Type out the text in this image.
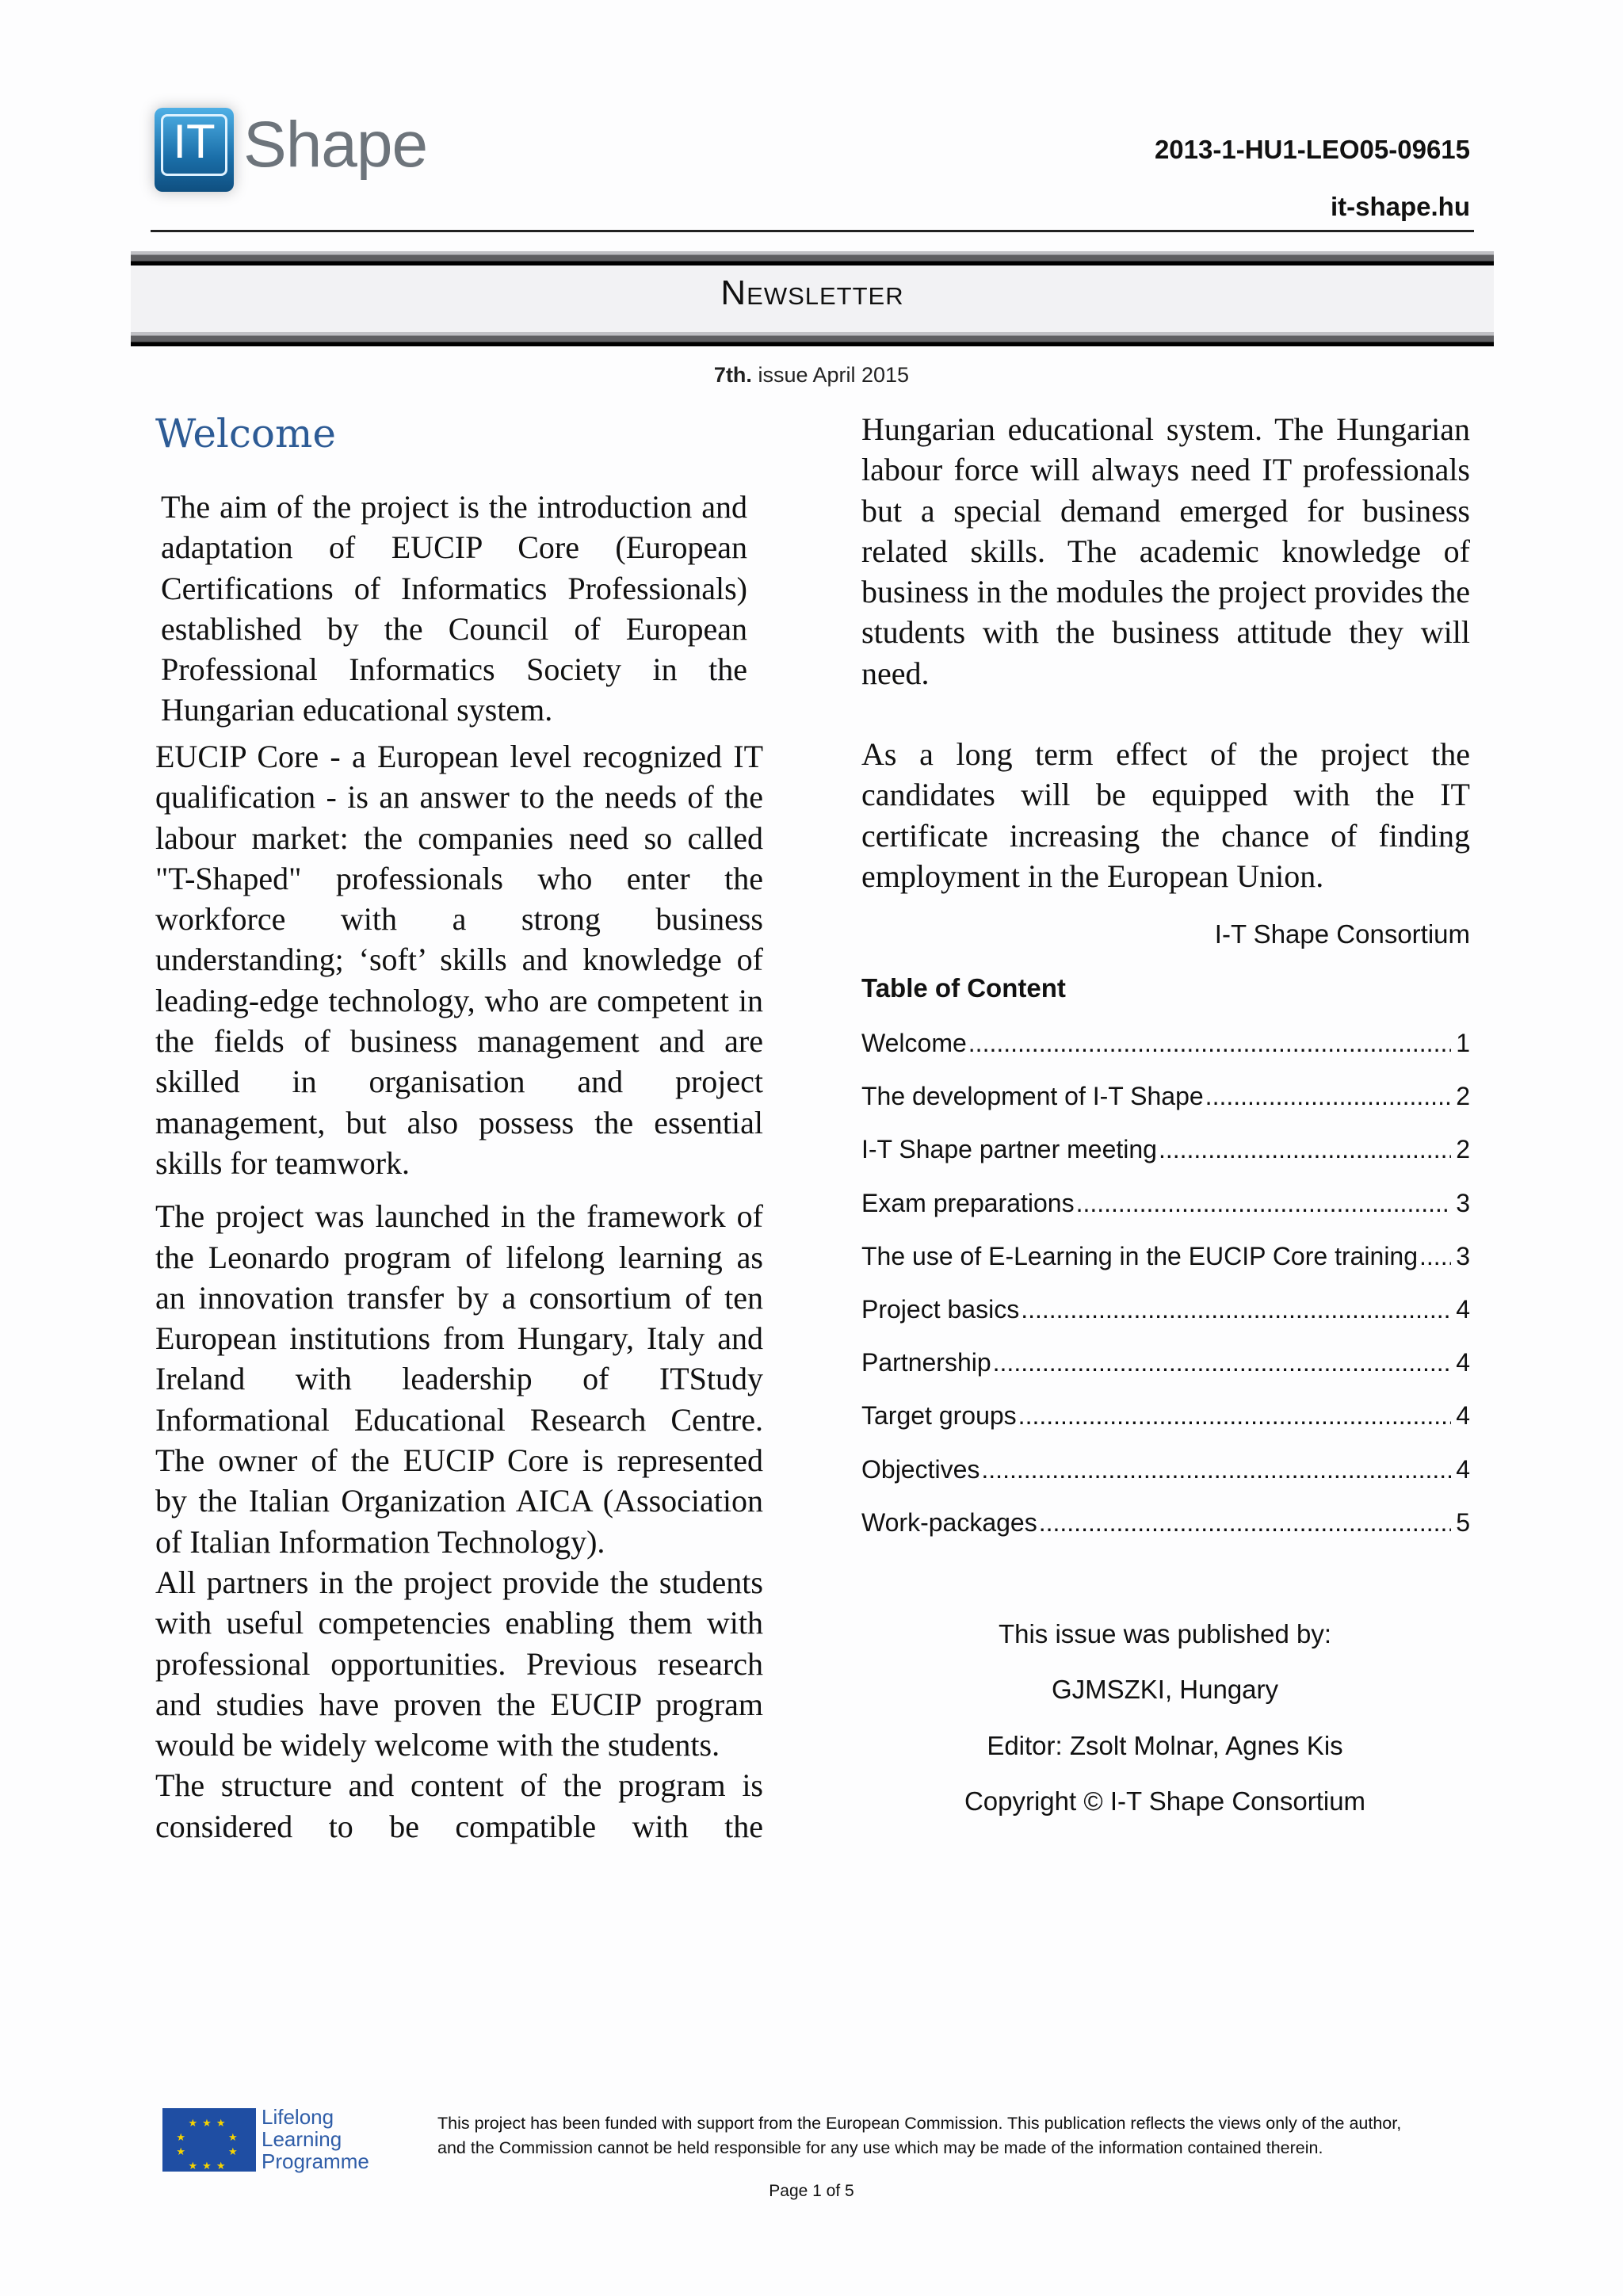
IT Shape	2013-1-HU1-LEO05-09615
it-shape.hu
Newsletter
7th. issue April 2015
Welcome

The aim of the project is the introduction and adaptation of EUCIP Core (European Certifications of Informatics Professionals) established by the Council of European Professional Informatics Society in the Hungarian educational system.

EUCIP Core - a European level recognized IT qualification - is an answer to the needs of the labour market: the companies need so called "T-Shaped" professionals who enter the workforce with a strong business understanding; ‘soft’ skills and knowledge of leading-edge technology, who are competent in the fields of business management and are skilled in organisation and project management, but also possess the essential skills for teamwork.

The project was launched in the framework of the Leonardo program of lifelong learning as an innovation transfer by a consortium of ten European institutions from Hungary, Italy and Ireland with leadership of ITStudy Informational Educational Research Centre. The owner of the EUCIP Core is represented by the Italian Organization AICA (Association of Italian Information Technology).

All partners in the project provide the students with useful competencies enabling them with professional opportunities. Previous research and studies have proven the EUCIP program would be widely welcome with the students.

The structure and content of the program is considered to be compatible with the

Hungarian educational system. The Hungarian labour force will always need IT professionals but a special demand emerged for business related skills. The academic knowledge of business in the modules the project provides the students with the business attitude they will need.

As a long term effect of the project the candidates will be equipped with the IT certificate increasing the chance of finding employment in the European Union.

I-T Shape Consortium
Table of Content
Welcome .....	1
The development of I-T Shape .....	2
I-T Shape partner meeting .....	2
Exam preparations .....	3
The use of E-Learning in the EUCIP Core training ..... 3
Project basics .....	4
Partnership .....	4
Target groups .....	4
Objectives .....	4
Work-packages .....	5
This issue was published by:
GJMSZKI, Hungary
Editor: Zsolt Molnar, Agnes Kis
Copyright © I-T Shape Consortium
★★★
★     ★
★     ★
★★★
Lifelong
Learning
Programme
This project has been funded with support from the European Commission. This publication reflects the views only of the author,
and the Commission cannot be held responsible for any use which may be made of the information contained therein.
Page 1 of 5
